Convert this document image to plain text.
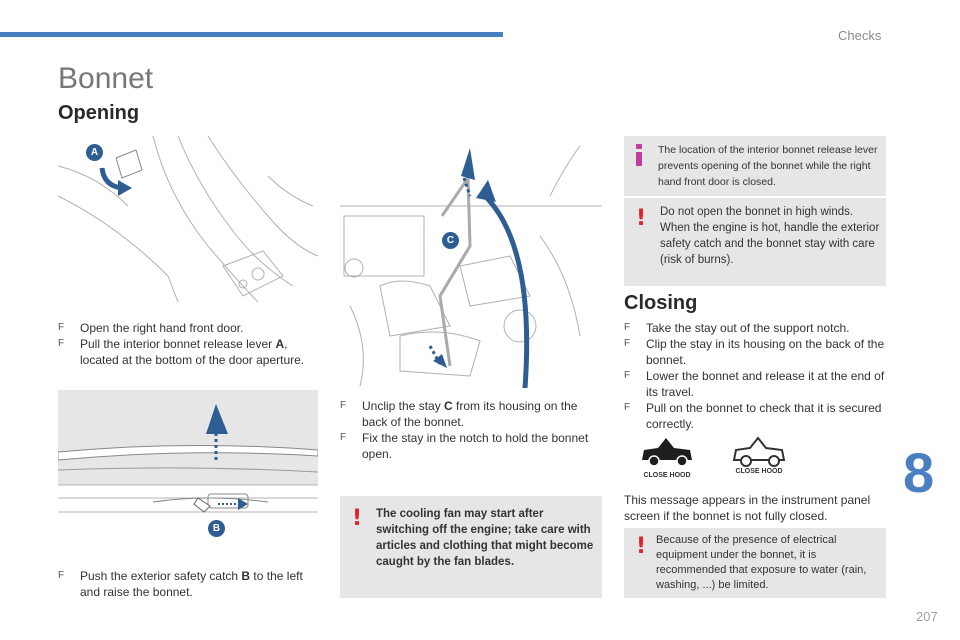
Checks
Bonnet
Opening
A
F Open the right hand front door.
F Pull the interior bonnet release lever A, located at the bottom of the door aperture.
B
F Push the exterior safety catch B to the left and raise the bonnet.
C
F Unclip the stay C from its housing on the back of the bonnet.
F Fix the stay in the notch to hold the bonnet open.
! The cooling fan may start after switching off the engine; take care with articles and clothing that might become caught by the fan blades.
The location of the interior bonnet release lever prevents opening of the bonnet while the right hand front door is closed.
! Do not open the bonnet in high winds. When the engine is hot, handle the exterior safety catch and the bonnet stay with care (risk of burns).
Closing
F Take the stay out of the support notch.
F Clip the stay in its housing on the back of the bonnet.
F Lower the bonnet and release it at the end of its travel.
F Pull on the bonnet to check that it is secured correctly.
CLOSE HOOD
CLOSE HOOD
This message appears in the instrument panel screen if the bonnet is not fully closed.
! Because of the presence of electrical equipment under the bonnet, it is recommended that exposure to water (rain, washing, ...) be limited.
8
207
